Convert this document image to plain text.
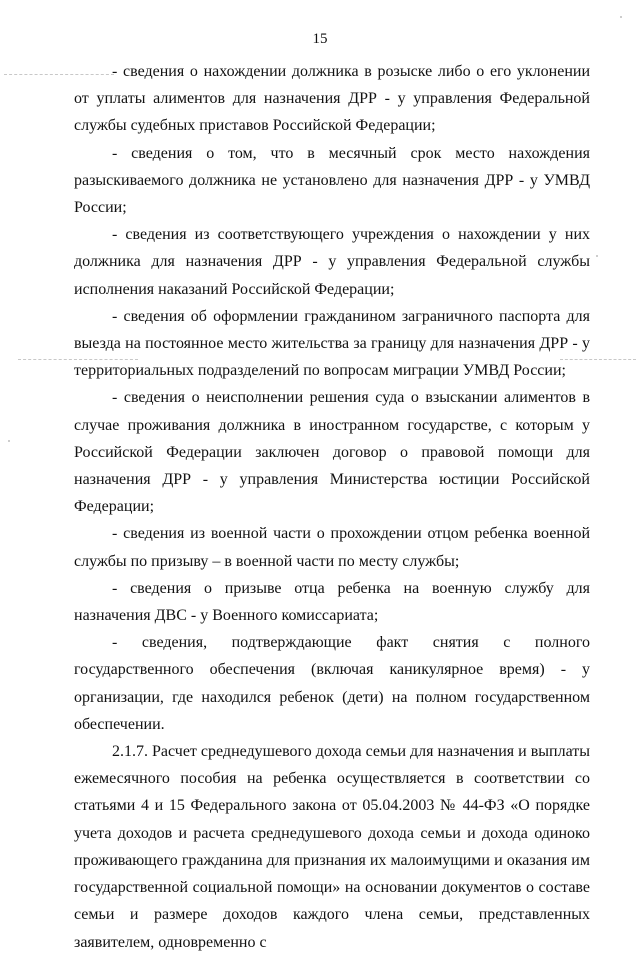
15

- сведения о нахождении должника в розыске либо о его уклонении от уплаты алиментов для назначения ДРР - у управления Федеральной службы судебных приставов Российской Федерации;

- сведения о том, что в месячный срок место нахождения разыскиваемого должника не установлено для назначения ДРР - у УМВД России;

- сведения из соответствующего учреждения о нахождении у них должника для назначения ДРР - у управления Федеральной службы исполнения наказаний Российской Федерации;

- сведения об оформлении гражданином заграничного паспорта для выезда на постоянное место жительства за границу для назначения ДРР - у территориальных подразделений по вопросам миграции УМВД России;

- сведения о неисполнении решения суда о взыскании алиментов в случае проживания должника в иностранном государстве, с которым у Российской Федерации заключен договор о правовой помощи для назначения ДРР - у управления Министерства юстиции Российской Федерации;

- сведения из военной части о прохождении отцом ребенка военной службы по призыву – в военной части по месту службы;

- сведения о призыве отца ребенка на военную службу для назначения ДВС - у Военного комиссариата;

- сведения, подтверждающие факт снятия с полного государственного обеспечения (включая каникулярное время) - у организации, где находился ребенок (дети) на полном государственном обеспечении.

2.1.7. Расчет среднедушевого дохода семьи для назначения и выплаты ежемесячного пособия на ребенка осуществляется в соответствии со статьями 4 и 15 Федерального закона от 05.04.2003 № 44-ФЗ «О порядке учета доходов и расчета среднедушевого дохода семьи и дохода одиноко проживающего гражданина для признания их малоимущими и оказания им государственной социальной помощи» на основании документов о составе семьи и размере доходов каждого члена семьи, представленных заявителем, одновременно с
